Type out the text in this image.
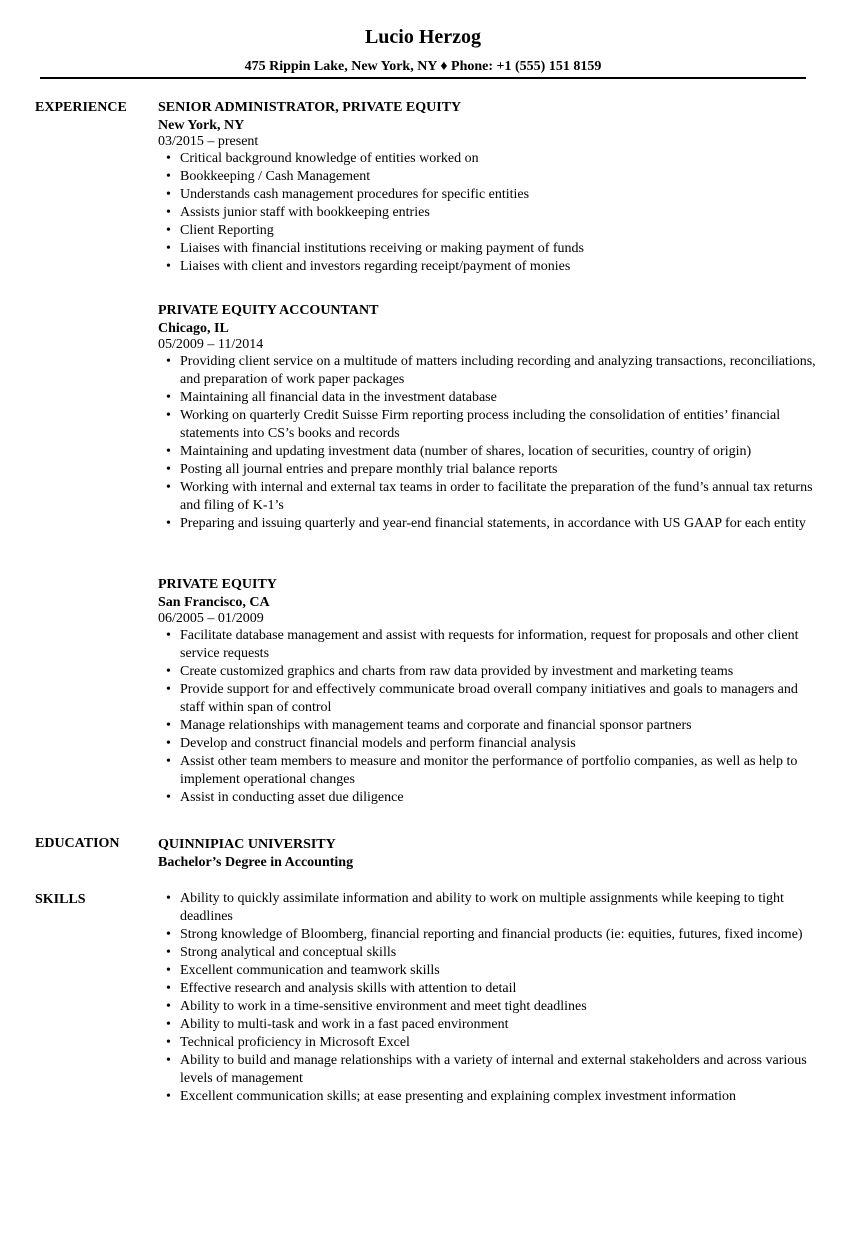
Lucio Herzog
475 Rippin Lake, New York, NY ♦ Phone: +1 (555) 151 8159
EXPERIENCE SENIOR ADMINISTRATOR, PRIVATE EQUITY
New York, NY
03/2015 – present
• Critical background knowledge of entities worked on
• Bookkeeping / Cash Management
• Understands cash management procedures for specific entities
• Assists junior staff with bookkeeping entries
• Client Reporting
• Liaises with financial institutions receiving or making payment of funds
• Liaises with client and investors regarding receipt/payment of monies
PRIVATE EQUITY ACCOUNTANT
Chicago, IL
05/2009 – 11/2014
• Providing client service on a multitude of matters including recording and analyzing transactions, reconciliations, and preparation of work paper packages
• Maintaining all financial data in the investment database
• Working on quarterly Credit Suisse Firm reporting process including the consolidation of entities’ financial statements into CS’s books and records
• Maintaining and updating investment data (number of shares, location of securities, country of origin)
• Posting all journal entries and prepare monthly trial balance reports
• Working with internal and external tax teams in order to facilitate the preparation of the fund’s annual tax returns and filing of K-1’s
• Preparing and issuing quarterly and year-end financial statements, in accordance with US GAAP for each entity
PRIVATE EQUITY
San Francisco, CA
06/2005 – 01/2009
• Facilitate database management and assist with requests for information, request for proposals and other client service requests
• Create customized graphics and charts from raw data provided by investment and marketing teams
• Provide support for and effectively communicate broad overall company initiatives and goals to managers and staff within span of control
• Manage relationships with management teams and corporate and financial sponsor partners
• Develop and construct financial models and perform financial analysis
• Assist other team members to measure and monitor the performance of portfolio companies, as well as help to implement operational changes
• Assist in conducting asset due diligence
EDUCATION	QUINNIPIAC UNIVERSITY
Bachelor’s Degree in Accounting
SKILLS
•	Ability to quickly assimilate information and ability to work on multiple assignments while keeping to tight deadlines
• Strong knowledge of Bloomberg, financial reporting and financial products (ie: equities, futures, fixed income)
• Strong analytical and conceptual skills
• Excellent communication and teamwork skills
• Effective research and analysis skills with attention to detail
• Ability to work in a time-sensitive environment and meet tight deadlines
• Ability to multi-task and work in a fast paced environment
• Technical proficiency in Microsoft Excel
• Ability to build and manage relationships with a variety of internal and external stakeholders and across various levels of management
• Excellent communication skills; at ease presenting and explaining complex investment information
